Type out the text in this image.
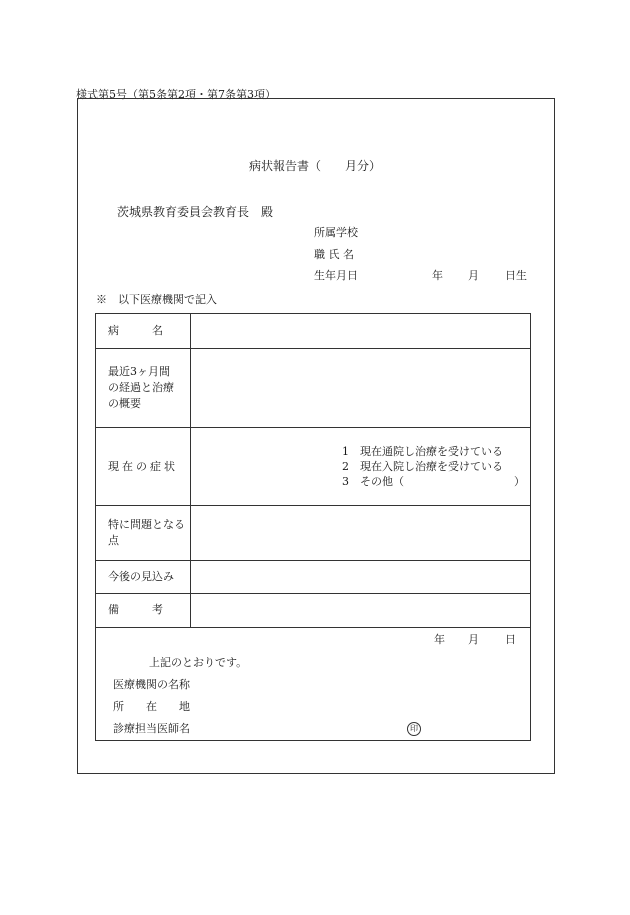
様式第5号（第5条第2項・第7条第3項）
病状報告書（　　月分）
茨城県教育委員会教育長　殿
所属学校
職 氏 名
生年月日	年 月 日生
※　以下医療機関で記入
病　　　名
最近3ヶ月間の経過と治療の概要
現在の症状
1	現在通院し治療を受けている
2	現在入院し治療を受けている
3	その他（　　　　　　　　　　）
特に問題となる点
今後の見込み
備　　　考
年 月 日
上記のとおりです。
医療機関の名称
所　　在　　地
診療担当医師名	印
